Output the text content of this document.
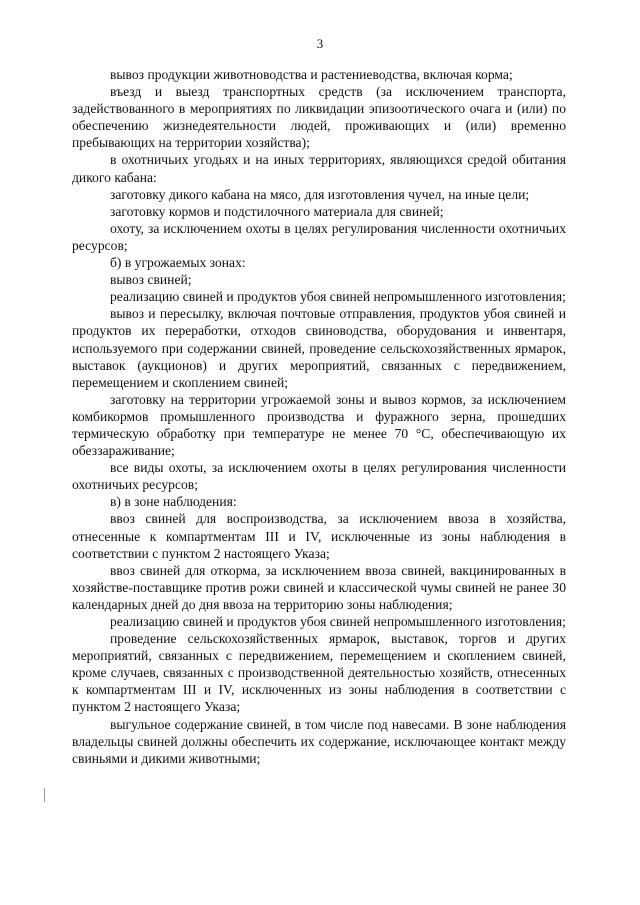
3

вывоз продукции животноводства и растениеводства, включая корма;

въезд и выезд транспортных средств (за исключением транспорта, задействованного в мероприятиях по ликвидации эпизоотического очага и (или) по обеспечению жизнедеятельности людей, проживающих и (или) временно пребывающих на территории хозяйства);

в охотничьих угодьях и на иных территориях, являющихся средой обитания дикого кабана:

заготовку дикого кабана на мясо, для изготовления чучел, на иные цели;

заготовку кормов и подстилочного материала для свиней;

охоту, за исключением охоты в целях регулирования численности охотничьих ресурсов;

б) в угрожаемых зонах:

вывоз свиней;

реализацию свиней и продуктов убоя свиней непромышленного изготовления;

вывоз и пересылку, включая почтовые отправления, продуктов убоя свиней и продуктов их переработки, отходов свиноводства, оборудования и инвентаря, используемого при содержании свиней, проведение сельскохозяйственных ярмарок, выставок (аукционов) и других мероприятий, связанных с передвижением, перемещением и скоплением свиней;

заготовку на территории угрожаемой зоны и вывоз кормов, за исключением комбикормов промышленного производства и фуражного зерна, прошедших термическую обработку при температуре не менее 70 °С, обеспечивающую их обеззараживание;

все виды охоты, за исключением охоты в целях регулирования численности охотничьих ресурсов;

в) в зоне наблюдения:

ввоз свиней для воспроизводства, за исключением ввоза в хозяйства, отнесенные к компартментам III и IV, исключенные из зоны наблюдения в соответствии с пунктом 2 настоящего Указа;

ввоз свиней для откорма, за исключением ввоза свиней, вакцинированных в хозяйстве-поставщике против рожи свиней и классической чумы свиней не ранее 30 календарных дней до дня ввоза на территорию зоны наблюдения;

реализацию свиней и продуктов убоя свиней непромышленного изготовления;

проведение сельскохозяйственных ярмарок, выставок, торгов и других мероприятий, связанных с передвижением, перемещением и скоплением свиней, кроме случаев, связанных с производственной деятельностью хозяйств, отнесенных к компартментам III и IV, исключенных из зоны наблюдения в соответствии с пунктом 2 настоящего Указа;

выгульное содержание свиней, в том числе под навесами. В зоне наблюдения владельцы свиней должны обеспечить их содержание, исключающее контакт между свиньями и дикими животными;
